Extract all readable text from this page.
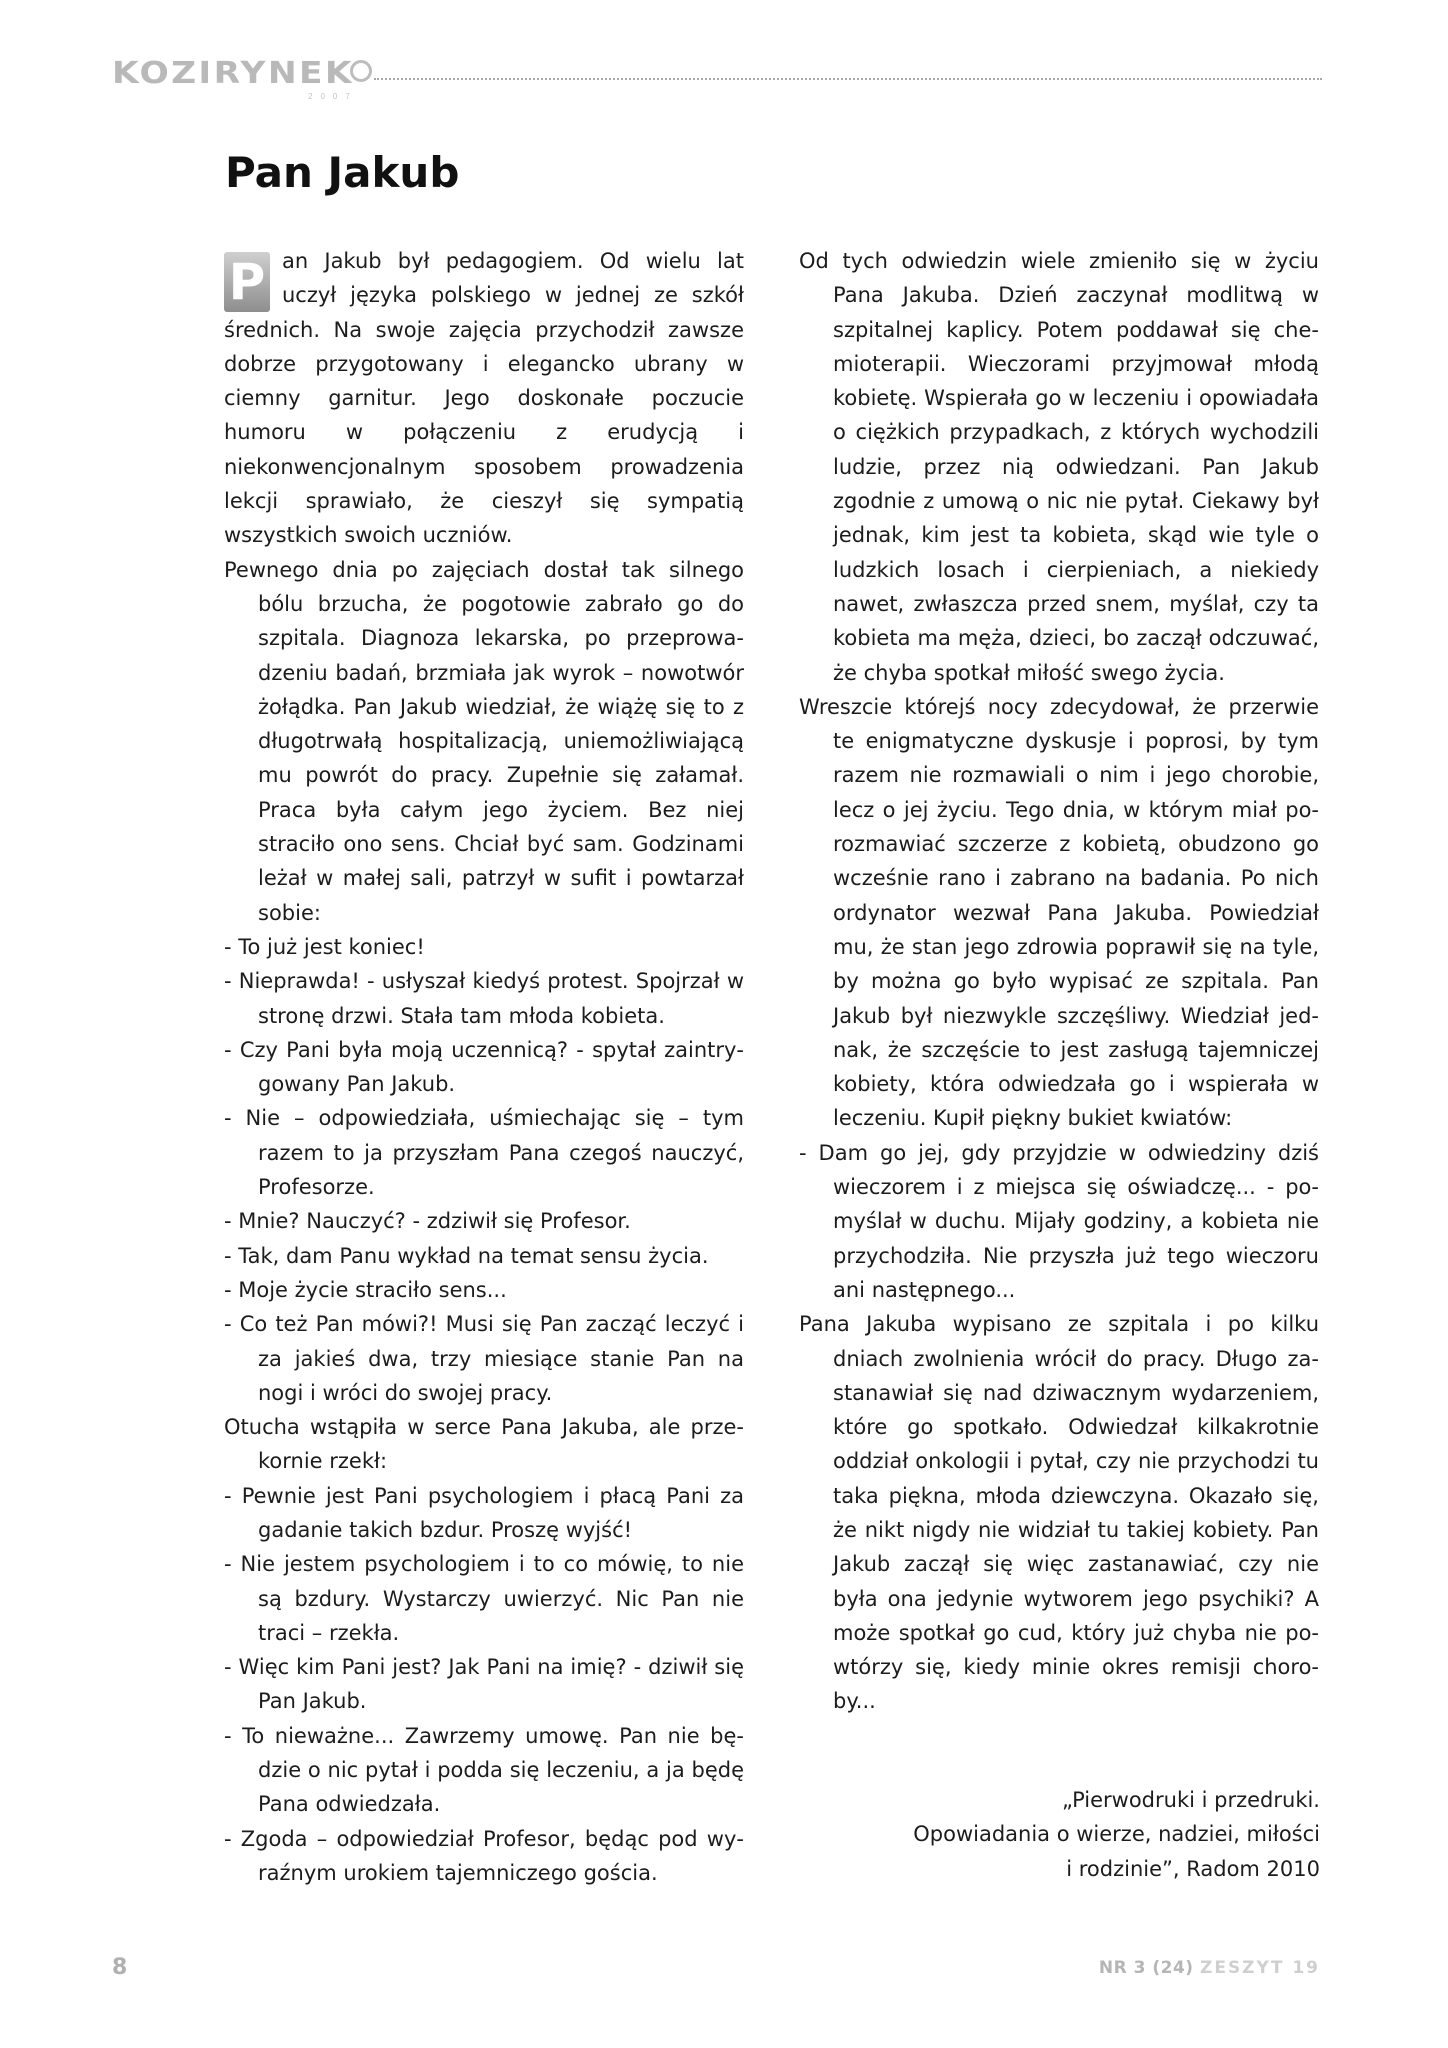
KOZIRYNEK
2007
Pan Jakub

P an Jakub był pedagogiem. Od wielu lat uczył języka polskiego w jednej ze szkół średnich. Na swoje zajęcia przychodził zawsze dobrze przygotowany i elegancko ubrany w ciemny garnitur. Jego doskonałe poczucie humoru w połączeniu z erudycją i niekonwencjonalnym sposobem prowadzenia lekcji sprawiało, że cieszył się sympatią wszystkich swoich uczniów.

Pewnego dnia po zajęciach dostał tak silnego bólu brzucha, że pogotowie zabrało go do szpitala. Diagnoza lekarska, po przeprowadzeniu badań, brzmiała jak wyrok – nowotwór żołądka. Pan Jakub wiedział, że wiążę się to z długotrwałą hospitalizacją, uniemożliwiającą mu powrót do pracy. Zupełnie się załamał. Praca była całym jego życiem. Bez niej straciło ono sens. Chciał być sam. Godzinami leżał w małej sali, patrzył w sufit i powtarzał sobie:

- To już jest koniec!

- Nieprawda! - usłyszał kiedyś protest. Spojrzał w stronę drzwi. Stała tam młoda kobieta.

- Czy Pani była moją uczennicą? - spytał zaintrygowany Pan Jakub.

- Nie – odpowiedziała, uśmiechając się – tym razem to ja przyszłam Pana czegoś nauczyć, Profesorze.

- Mnie? Nauczyć? - zdziwił się Profesor.

- Tak, dam Panu wykład na temat sensu życia.

- Moje życie straciło sens...

- Co też Pan mówi?! Musi się Pan zacząć leczyć i za jakieś dwa, trzy miesiące stanie Pan na nogi i wróci do swojej pracy.

Otucha wstąpiła w serce Pana Jakuba, ale przekornie rzekł:

- Pewnie jest Pani psychologiem i płacą Pani za gadanie takich bzdur. Proszę wyjść!

- Nie jestem psychologiem i to co mówię, to nie są bzdury. Wystarczy uwierzyć. Nic Pan nie traci – rzekła.

- Więc kim Pani jest? Jak Pani na imię? - dziwił się Pan Jakub.

- To nieważne... Zawrzemy umowę. Pan nie będzie o nic pytał i podda się leczeniu, a ja będę Pana odwiedzała.

- Zgoda – odpowiedział Profesor, będąc pod wyraźnym urokiem tajemniczego gościa.

Od tych odwiedzin wiele zmieniło się w życiu Pana Jakuba. Dzień zaczynał modlitwą w szpitalnej kaplicy. Potem poddawał się chemioterapii. Wieczorami przyjmował młodą kobietę. Wspierała go w leczeniu i opowiadała o ciężkich przypadkach, z których wychodzili ludzie, przez nią odwiedzani. Pan Jakub zgodnie z umową o nic nie pytał. Ciekawy był jednak, kim jest ta kobieta, skąd wie tyle o ludzkich losach i cierpieniach, a niekiedy nawet, zwłaszcza przed snem, myślał, czy ta kobieta ma męża, dzieci, bo zaczął odczuwać, że chyba spotkał miłość swego życia.

Wreszcie którejś nocy zdecydował, że przerwie te enigmatyczne dyskusje i poprosi, by tym razem nie rozmawiali o nim i jego chorobie, lecz o jej życiu. Tego dnia, w którym miał porozmawiać szczerze z kobietą, obudzono go wcześnie rano i zabrano na badania. Po nich ordynator wezwał Pana Jakuba. Powiedział mu, że stan jego zdrowia poprawił się na tyle, by można go było wypisać ze szpitala. Pan Jakub był niezwykle szczęśliwy. Wiedział jednak, że szczęście to jest zasługą tajemniczej kobiety, która odwiedzała go i wspierała w leczeniu. Kupił piękny bukiet kwiatów:

- Dam go jej, gdy przyjdzie w odwiedziny dziś wieczorem i z miejsca się oświadczę... - pomyślał w duchu. Mijały godziny, a kobieta nie przychodziła. Nie przyszła już tego wieczoru ani następnego...

Pana Jakuba wypisano ze szpitala i po kilku dniach zwolnienia wrócił do pracy. Długo zastanawiał się nad dziwacznym wydarzeniem, które go spotkało. Odwiedzał kilkakrotnie oddział onkologii i pytał, czy nie przychodzi tu taka piękna, młoda dziewczyna. Okazało się, że nikt nigdy nie widział tu takiej kobiety. Pan Jakub zaczął się więc zastanawiać, czy nie była ona jedynie wytworem jego psychiki? A może spotkał go cud, który już chyba nie powtórzy się, kiedy minie okres remisji choroby...

„Pierwodruki i przedruki.
Opowiadania o wierze, nadziei, miłości
i rodzinie”, Radom 2010
8	NR 3 (24) ZESZYT 19
